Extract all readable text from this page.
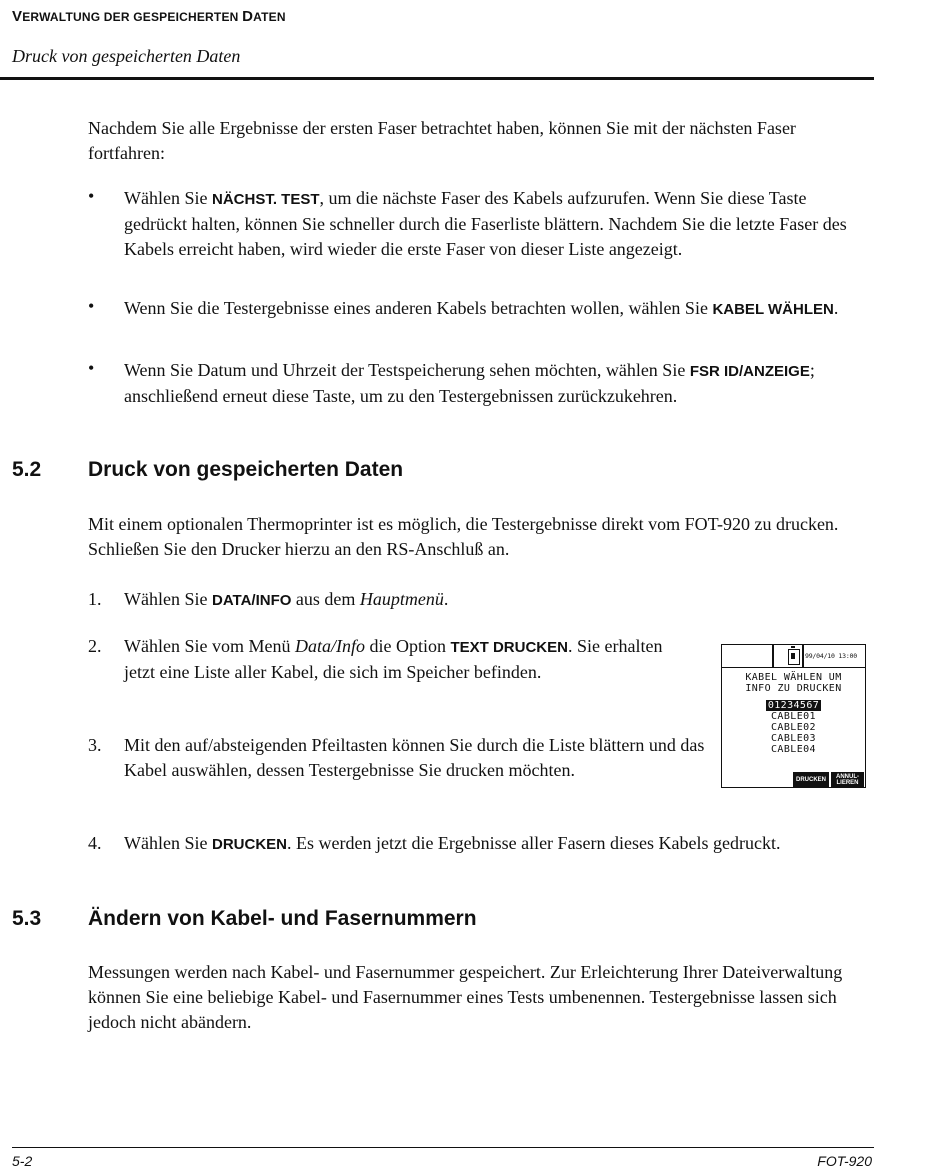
VERWALTUNG DER GESPEICHERTEN DATEN
Druck von gespeicherten Daten
Nachdem Sie alle Ergebnisse der ersten Faser betrachtet haben, können Sie mit der nächsten Faser fortfahren:
• Wählen Sie NÄCHST. TEST, um die nächste Faser des Kabels aufzurufen. Wenn Sie diese Taste gedrückt halten, können Sie schneller durch die Faserliste blättern. Nachdem Sie die letzte Faser des Kabels erreicht haben, wird wieder die erste Faser von dieser Liste angezeigt.
• Wenn Sie die Testergebnisse eines anderen Kabels betrachten wollen, wählen Sie KABEL WÄHLEN.
• Wenn Sie Datum und Uhrzeit der Testspeicherung sehen möchten, wählen Sie FSR ID/ANZEIGE; anschließend erneut diese Taste, um zu den Testergebnissen zurückzukehren.
5.2 Druck von gespeicherten Daten
Mit einem optionalen Thermoprinter ist es möglich, die Testergebnisse direkt vom FOT-920 zu drucken. Schließen Sie den Drucker hierzu an den RS-Anschluß an.
1. Wählen Sie DATA/INFO aus dem Hauptmenü.
2. Wählen Sie vom Menü Data/Info die Option TEXT DRUCKEN. Sie erhalten jetzt eine Liste aller Kabel, die sich im Speicher befinden.
3. Mit den auf/absteigenden Pfeiltasten können Sie durch die Liste blättern und das Kabel auswählen, dessen Testergebnisse Sie drucken möchten.
99/04/10 13:00
KABEL WÄHLEN UM
INFO ZU DRUCKEN
01234567
CABLE01
CABLE02
CABLE03
CABLE04
DRUCKEN	ANNUL-
LIEREN
4. Wählen Sie DRUCKEN. Es werden jetzt die Ergebnisse aller Fasern dieses Kabels gedruckt.
5.3 Ändern von Kabel- und Fasernummern
Messungen werden nach Kabel- und Fasernummer gespeichert. Zur Erleichterung Ihrer Dateiverwaltung können Sie eine beliebige Kabel- und Fasernummer eines Tests umbenennen. Testergebnisse lassen sich jedoch nicht abändern.
5-2	FOT-920
